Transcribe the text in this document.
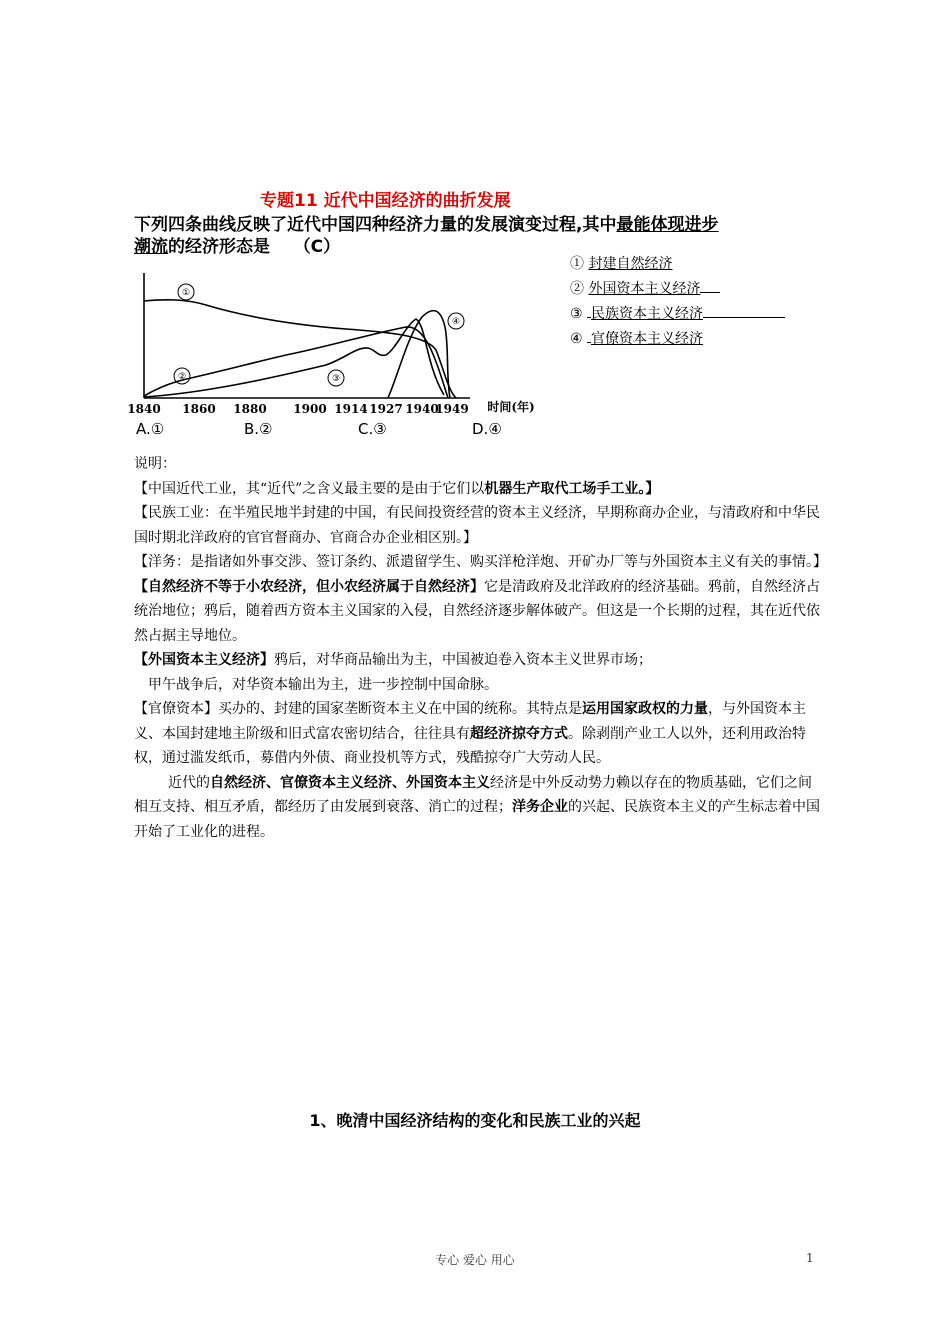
专题11 近代中国经济的曲折发展
下列四条曲线反映了近代中国四种经济力量的发展演变过程,其中最能体现进步
潮流的经济形态是 （C）
① 封建自然经济
② 外国资本主义经济
③ 民族资本主义经济
④ 官僚资本主义经济
①
②	③
④
1840 1860 1880 1900 1914 1927 1940
1949 时间(年)
A.①	B.②	C.③	D.④

说明：

【中国近代工业，其“近代”之含义最主要的是由于它们以机器生产取代工场手工业。】

【民族工业：在半殖民地半封建的中国，有民间投资经营的资本主义经济，早期称商办企业，与清政府和中华民国时期北洋政府的官官督商办、官商合办企业相区别。】

【洋务：是指诸如外事交涉、签订条约、派遣留学生、购买洋枪洋炮、开矿办厂等与外国资本主义有关的事情。】

【自然经济不等于小农经济，但小农经济属于自然经济】它是清政府及北洋政府的经济基础。鸦前，自然经济占统治地位；鸦后，随着西方资本主义国家的入侵，自然经济逐步解体破产。但这是一个长期的过程，其在近代依然占据主导地位。

【外国资本主义经济】鸦后，对华商品输出为主，中国被迫卷入资本主义世界市场；

甲午战争后，对华资本输出为主，进一步控制中国命脉。

【官僚资本】买办的、封建的国家垄断资本主义在中国的统称。其特点是运用国家政权的力量，与外国资本主义、本国封建地主阶级和旧式富农密切结合，往往具有超经济掠夺方式。除剥削产业工人以外，还利用政治特权，通过滥发纸币，募借内外债、商业投机等方式，残酷掠夺广大劳动人民。

近代的自然经济、官僚资本主义经济、外国资本主义经济是中外反动势力赖以存在的物质基础，它们之间相互支持、相互矛盾，都经历了由发展到衰落、消亡的过程；洋务企业的兴起、民族资本主义的产生标志着中国开始了工业化的进程。

1、晚清中国经济结构的变化和民族工业的兴起
专心 爱心 用心	1
